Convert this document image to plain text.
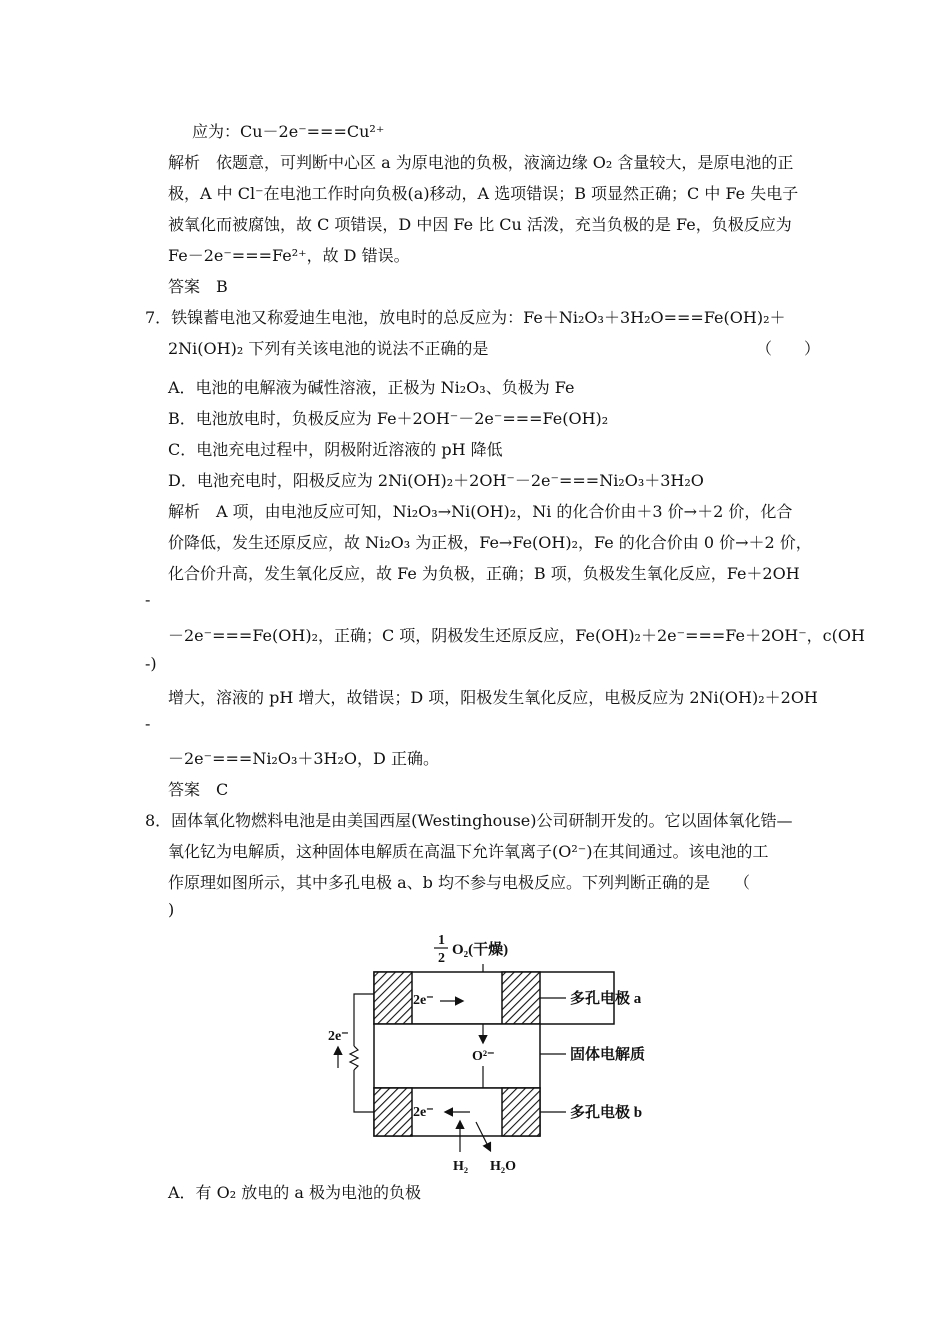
应为：Cu－2e⁻===Cu²⁺
解析　依题意，可判断中心区 a 为原电池的负极，液滴边缘 O₂ 含量较大，是原电池的正
极，A 中 Cl⁻在电池工作时向负极(a)移动，A 选项错误；B 项显然正确；C 中 Fe 失电子
被氧化而被腐蚀，故 C 项错误，D 中因 Fe 比 Cu 活泼，充当负极的是 Fe，负极反应为
Fe－2e⁻===Fe²⁺，故 D 错误。
答案　B
7．铁镍蓄电池又称爱迪生电池，放电时的总反应为：Fe＋Ni₂O₃＋3H₂O===Fe(OH)₂＋
2Ni(OH)₂ 下列有关该电池的说法不正确的是	（　　）
A．电池的电解液为碱性溶液，正极为 Ni₂O₃、负极为 Fe
B．电池放电时，负极反应为 Fe＋2OH⁻－2e⁻===Fe(OH)₂
C．电池充电过程中，阴极附近溶液的 pH 降低
D．电池充电时，阳极反应为 2Ni(OH)₂＋2OH⁻－2e⁻===Ni₂O₃＋3H₂O
解析　A 项，由电池反应可知，Ni₂O₃→Ni(OH)₂，Ni 的化合价由＋3 价→＋2 价，化合
价降低，发生还原反应，故 Ni₂O₃ 为正极，Fe→Fe(OH)₂，Fe 的化合价由 0 价→＋2 价，
化合价升高，发生氧化反应，故 Fe 为负极，正确；B 项，负极发生氧化反应，Fe＋2OH
-
－2e⁻===Fe(OH)₂，正确；C 项，阴极发生还原反应，Fe(OH)₂＋2e⁻===Fe＋2OH⁻，c(OH
-)
增大，溶液的 pH 增大，故错误；D 项，阳极发生氧化反应，电极反应为 2Ni(OH)₂＋2OH
-
－2e⁻===Ni₂O₃＋3H₂O，D 正确。
答案　C
8．固体氧化物燃料电池是由美国西屋(Westinghouse)公司研制开发的。它以固体氧化锆—
氧化钇为电解质，这种固体电解质在高温下允许氧离子(O²⁻)在其间通过。该电池的工
作原理如图所示，其中多孔电极 a、b 均不参与电极反应。下列判断正确的是　　（
)
1
2
O₂(干燥)
2e⁻
O²⁻
2e⁻
H₂ H₂O
2e⁻
多孔电极 a
固体电解质
多孔电极 b
A．有 O₂ 放电的 a 极为电池的负极
